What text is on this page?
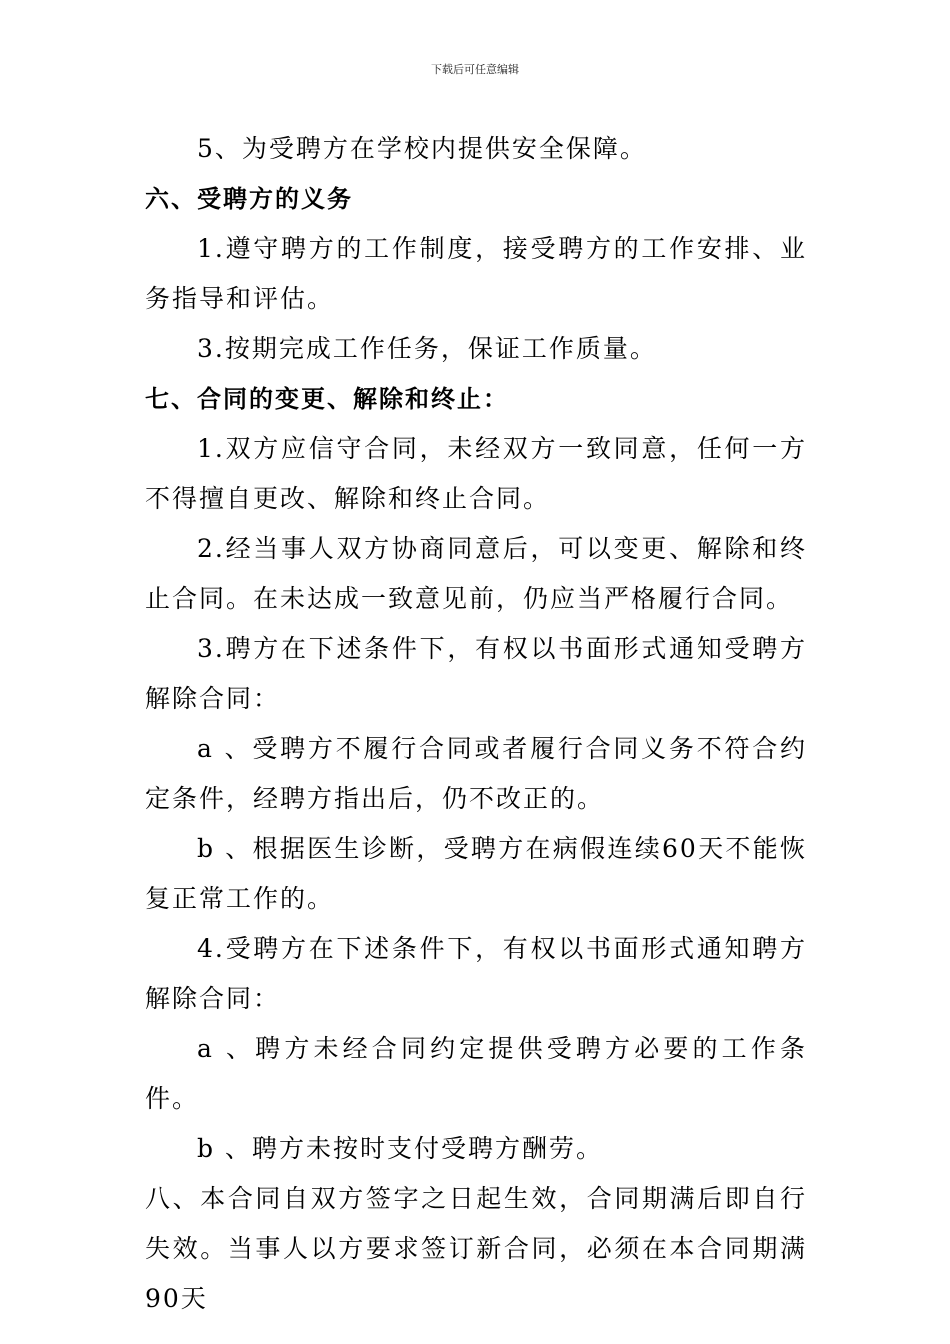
下载后可任意编辑

5、为受聘方在学校内提供安全保障。

六、受聘方的义务

1.遵守聘方的工作制度，接受聘方的工作安排、业务指导和评估。

3.按期完成工作任务，保证工作质量。

七、合同的变更、解除和终止：

1.双方应信守合同，未经双方一致同意，任何一方不得擅自更改、解除和终止合同。

2.经当事人双方协商同意后，可以变更、解除和终止合同。在未达成一致意见前，仍应当严格履行合同。

3.聘方在下述条件下，有权以书面形式通知受聘方解除合同：

a 、受聘方不履行合同或者履行合同义务不符合约定条件，经聘方指出后，仍不改正的。

b 、根据医生诊断，受聘方在病假连续60天不能恢复正常工作的。

4.受聘方在下述条件下，有权以书面形式通知聘方解除合同：

a 、聘方未经合同约定提供受聘方必要的工作条件。

b 、聘方未按时支付受聘方酬劳。

八、本合同自双方签字之日起生效，合同期满后即自行失效。当事人以方要求签订新合同，必须在本合同期满90天
